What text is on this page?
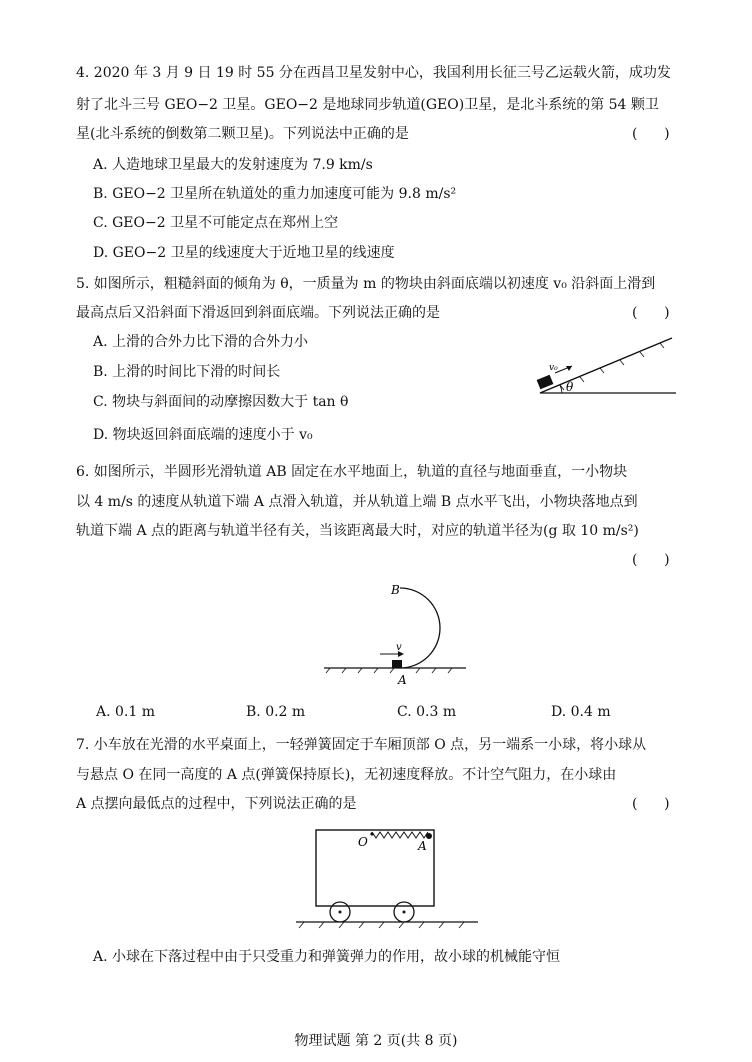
4. 2020 年 3 月 9 日 19 时 55 分在西昌卫星发射中心，我国利用长征三号乙运载火箭，成功发
射了北斗三号 GEO−2 卫星。GEO−2 是地球同步轨道(GEO)卫星，是北斗系统的第 54 颗卫
星(北斗系统的倒数第二颗卫星)。下列说法中正确的是	(      )
A. 人造地球卫星最大的发射速度为 7.9 km/s
B. GEO−2 卫星所在轨道处的重力加速度可能为 9.8 m/s²
C. GEO−2 卫星不可能定点在郑州上空
D. GEO−2 卫星的线速度大于近地卫星的线速度
5. 如图所示，粗糙斜面的倾角为 θ，一质量为 m 的物块由斜面底端以初速度 v₀ 沿斜面上滑到
最高点后又沿斜面下滑返回到斜面底端。下列说法正确的是	(      )
A. 上滑的合外力比下滑的合外力小
B. 上滑的时间比下滑的时间长
C. 物块与斜面间的动摩擦因数大于 tan θ
D. 物块返回斜面底端的速度小于 v₀
v₀
θ
6. 如图所示，半圆形光滑轨道 AB 固定在水平地面上，轨道的直径与地面垂直，一小物块
以 4 m/s 的速度从轨道下端 A 点滑入轨道，并从轨道上端 B 点水平飞出，小物块落地点到
轨道下端 A 点的距离与轨道半径有关，当该距离最大时，对应的轨道半径为(g 取 10 m/s²)
(      )
v
B
A
A. 0.1 m	B. 0.2 m	C. 0.3 m	D. 0.4 m
7. 小车放在光滑的水平桌面上，一轻弹簧固定于车厢顶部 O 点，另一端系一小球，将小球从
与悬点 O 在同一高度的 A 点(弹簧保持原长)，无初速度释放。不计空气阻力，在小球由
A 点摆向最低点的过程中，下列说法正确的是	(      )
O	A
A. 小球在下落过程中由于只受重力和弹簧弹力的作用，故小球的机械能守恒
物理试题 第 2 页(共 8 页)
